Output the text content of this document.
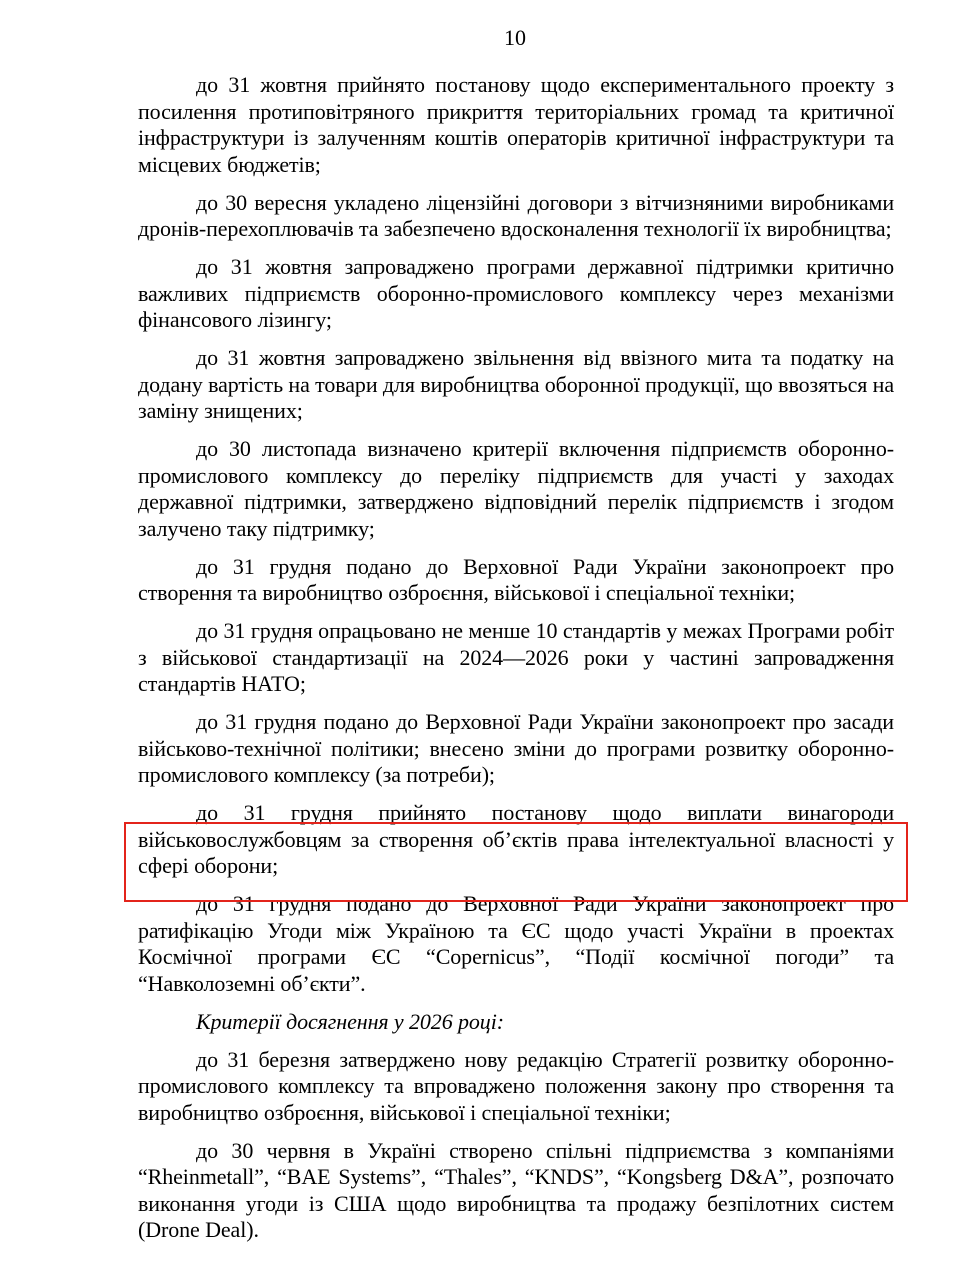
10

до 31 жовтня прийнято постанову щодо експериментального проекту з посилення протиповітряного прикриття територіальних громад та критичної інфраструктури із залученням коштів операторів критичної інфраструктури та місцевих бюджетів;

до 30 вересня укладено ліцензійні договори з вітчизняними виробниками дронів-перехоплювачів та забезпечено вдосконалення технології їх виробництва;

до 31 жовтня запроваджено програми державної підтримки критично важливих підприємств оборонно-промислового комплексу через механізми фінансового лізингу;

до 31 жовтня запроваджено звільнення від ввізного мита та податку на додану вартість на товари для виробництва оборонної продукції, що ввозяться на заміну знищених;

до 30 листопада визначено критерії включення підприємств оборонно-промислового комплексу до переліку підприємств для участі у заходах державної підтримки, затверджено відповідний перелік підприємств і згодом залучено таку підтримку;

до 31 грудня подано до Верховної Ради України законопроект про створення та виробництво озброєння, військової і спеціальної техніки;

до 31 грудня опрацьовано не менше 10 стандартів у межах Програми робіт з військової стандартизації на 2024—2026 роки у частині запровадження стандартів НАТО;

до 31 грудня подано до Верховної Ради України законопроект про засади військово-технічної політики; внесено зміни до програми розвитку оборонно-промислового комплексу (за потреби);

до 31 грудня прийнято постанову щодо виплати винагороди військовослужбовцям за створення об’єктів права інтелектуальної власності у сфері оборони;

до 31 грудня подано до Верховної Ради України законопроект про ратифікацію Угоди між Україною та ЄС щодо участі України в проектах Космічної програми ЄС “Copernicus”, “Події космічної погоди” та “Навколоземні об’єкти”.

Критерії досягнення у 2026 році:

до 31 березня затверджено нову редакцію Стратегії розвитку оборонно-промислового комплексу та впроваджено положення закону про створення та виробництво озброєння, військової і спеціальної техніки;

до 30 червня в Україні створено спільні підприємства з компаніями “Rheinmetall”, “BAE Systems”, “Thales”, “KNDS”, “Kongsberg D&A”, розпочато виконання угоди із США щодо виробництва та продажу безпілотних систем (Drone Deal).
